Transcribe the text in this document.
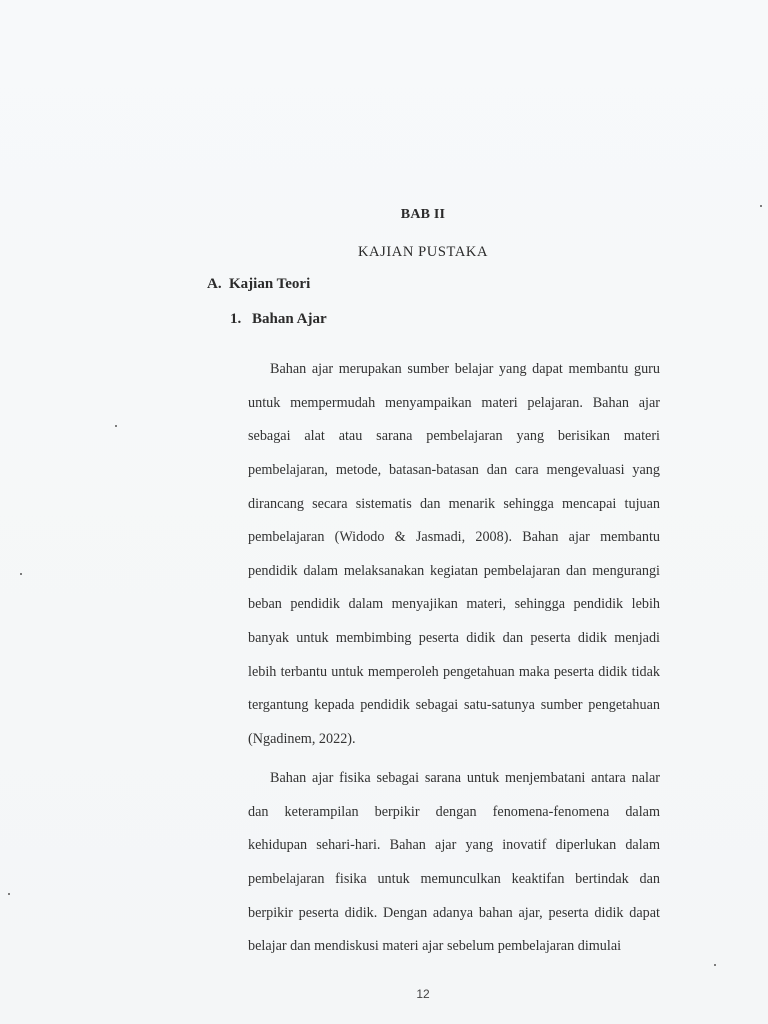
BAB II
KAJIAN PUSTAKA
A. Kajian Teori
1. Bahan Ajar

Bahan ajar merupakan sumber belajar yang dapat membantu guru untuk mempermudah menyampaikan materi pelajaran. Bahan ajar sebagai alat atau sarana pembelajaran yang berisikan materi pembelajaran, metode, batasan-batasan dan cara mengevaluasi yang dirancang secara sistematis dan menarik sehingga mencapai tujuan pembelajaran (Widodo & Jasmadi, 2008). Bahan ajar membantu pendidik dalam melaksanakan kegiatan pembelajaran dan mengurangi beban pendidik dalam menyajikan materi, sehingga pendidik lebih banyak untuk membimbing peserta didik dan peserta didik menjadi lebih terbantu untuk memperoleh pengetahuan maka peserta didik tidak tergantung kepada pendidik sebagai satu-satunya sumber pengetahuan (Ngadinem, 2022).

Bahan ajar fisika sebagai sarana untuk menjembatani antara nalar dan keterampilan berpikir dengan fenomena-fenomena dalam kehidupan sehari-hari. Bahan ajar yang inovatif diperlukan dalam pembelajaran fisika untuk memunculkan keaktifan bertindak dan berpikir peserta didik. Dengan adanya bahan ajar, peserta didik dapat belajar dan mendiskusi materi ajar sebelum pembelajaran dimulai

12
